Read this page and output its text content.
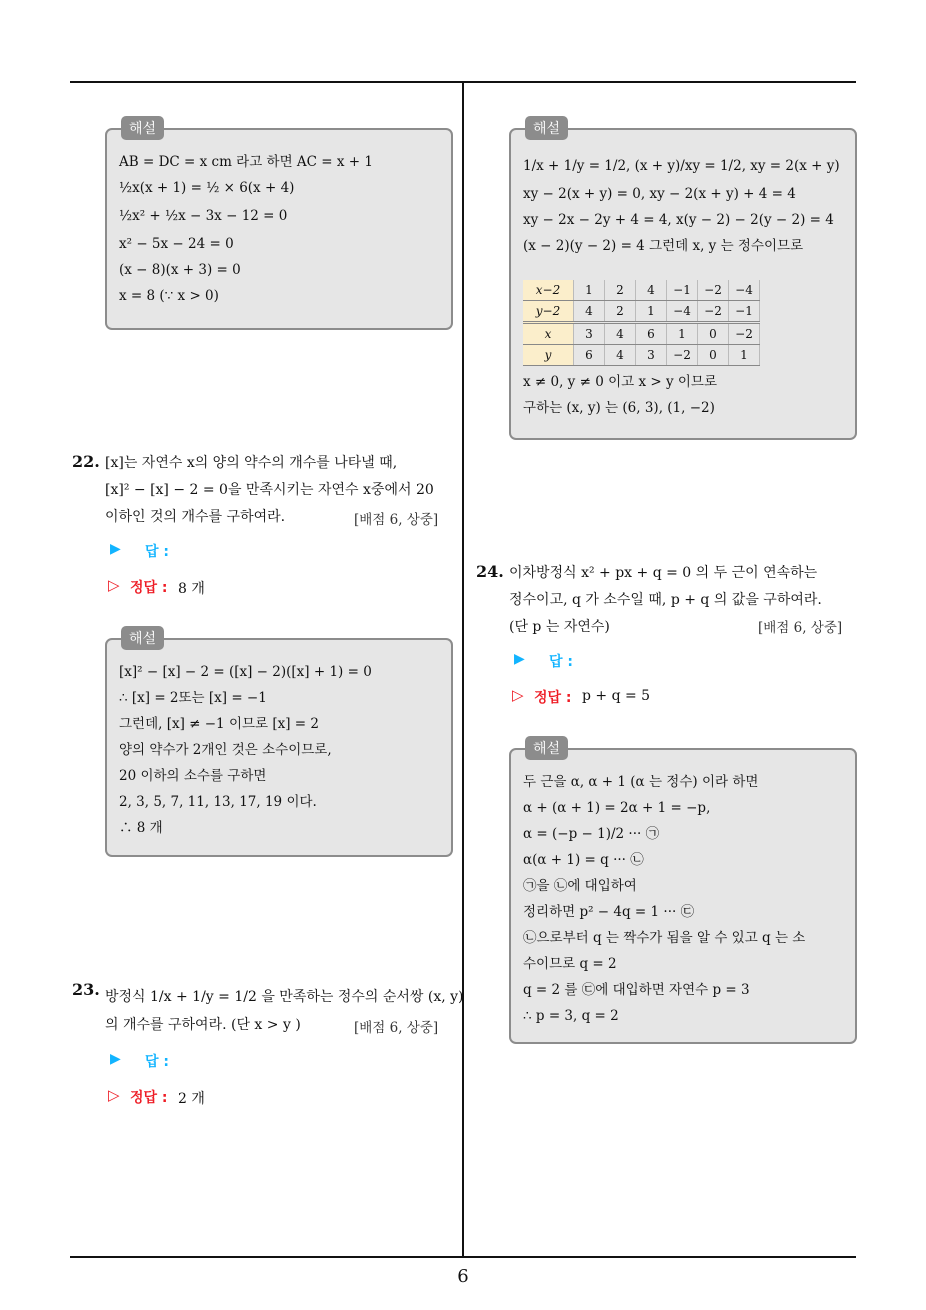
해설
AB = DC = x cm 라고 하면 AC = x + 1
½x(x + 1) = ½ × 6(x + 4)
½x² + ½x − 3x − 12 = 0
x² − 5x − 24 = 0
(x − 8)(x + 3) = 0
x = 8 (∵ x > 0)
22. [x]는 자연수 x의 양의 약수의 개수를 나타낼 때,
[x]² − [x] − 2 = 0을 만족시키는 자연수 x중에서 20
이하인 것의 개수를 구하여라.	[배점 6, 상중]
▶ 답 :
▷ 정답 : 8 개
해설
[x]² − [x] − 2 = ([x] − 2)([x] + 1) = 0
∴ [x] = 2또는 [x] = −1
그런데, [x] ≠ −1 이므로 [x] = 2
양의 약수가 2개인 것은 소수이므로,
20 이하의 소수를 구하면
2, 3, 5, 7, 11, 13, 17, 19 이다.
∴ 8 개
23. 방정식 1/x + 1/y = 1/2 을 만족하는 정수의 순서쌍 (x, y)
의 개수를 구하여라. (단 x > y )	[배점 6, 상중]
▶ 답 :
▷ 정답 : 2 개
해설
1/x + 1/y = 1/2, (x + y)/xy = 1/2, xy = 2(x + y)
xy − 2(x + y) = 0, xy − 2(x + y) + 4 = 4
xy − 2x − 2y + 4 = 4, x(y − 2) − 2(y − 2) = 4
(x − 2)(y − 2) = 4 그런데 x, y 는 정수이므로
x−2	1	2	4	−1	−2	−4
y−2	4	2	1	−4	−2	−1
x	3	4	6	1	0	−2
y	6	4	3	−2	0	1
x ≠ 0, y ≠ 0 이고 x > y 이므로
구하는 (x, y) 는 (6, 3), (1, −2)
24. 이차방정식 x² + px + q = 0 의 두 근이 연속하는
정수이고, q 가 소수일 때, p + q 의 값을 구하여라.
(단 p 는 자연수)	[배점 6, 상중]
▶ 답 :
▷ 정답 : p + q = 5
해설
두 근을 α, α + 1 (α 는 정수) 이라 하면
α + (α + 1) = 2α + 1 = −p,
α = (−p − 1)/2 ··· ㉠
α(α + 1) = q ··· ㉡
㉠을 ㉡에 대입하여
정리하면 p² − 4q = 1 ··· ㉢
㉡으로부터 q 는 짝수가 됨을 알 수 있고 q 는 소
수이므로 q = 2
q = 2 를 ㉢에 대입하면 자연수 p = 3
∴ p = 3, q = 2
6
